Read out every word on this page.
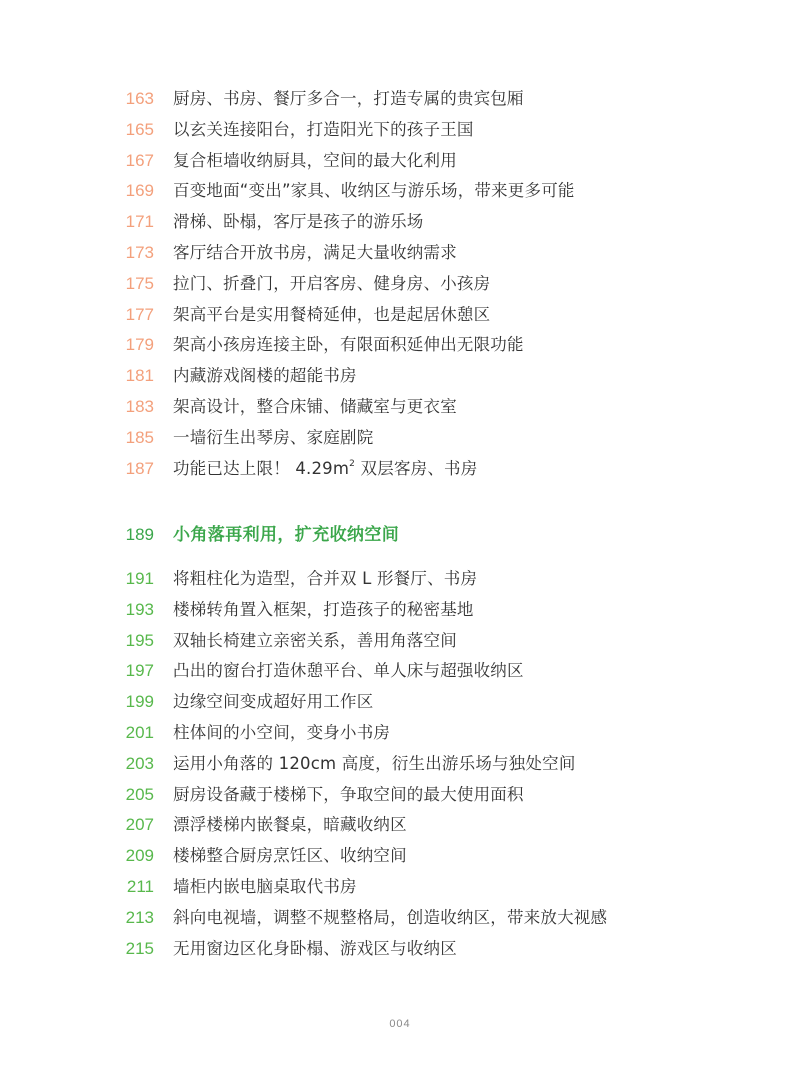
163 厨房、书房、餐厅多合一，打造专属的贵宾包厢
165 以玄关连接阳台，打造阳光下的孩子王国
167 复合柜墙收纳厨具，空间的最大化利用
169 百变地面“变出”家具、收纳区与游乐场，带来更多可能
171 滑梯、卧榻，客厅是孩子的游乐场
173 客厅结合开放书房，满足大量收纳需求
175 拉门、折叠门，开启客房、健身房、小孩房
177 架高平台是实用餐椅延伸，也是起居休憩区
179 架高小孩房连接主卧，有限面积延伸出无限功能
181 内藏游戏阁楼的超能书房
183 架高设计，整合床铺、储藏室与更衣室
185 一墙衍生出琴房、家庭剧院
187 功能已达上限！ $4.29m^2$ 双层客房、书房
189 小角落再利用，扩充收纳空间
191 将粗柱化为造型，合并双 L 形餐厅、书房
193 楼梯转角置入框架，打造孩子的秘密基地
195 双轴长椅建立亲密关系，善用角落空间
197 凸出的窗台打造休憩平台、单人床与超强收纳区
199 边缘空间变成超好用工作区
201 柱体间的小空间，变身小书房
203 运用小角落的 120cm 高度，衍生出游乐场与独处空间
205 厨房设备藏于楼梯下，争取空间的最大使用面积
207 漂浮楼梯内嵌餐桌，暗藏收纳区
209 楼梯整合厨房烹饪区、收纳空间
211 墙柜内嵌电脑桌取代书房
213 斜向电视墙，调整不规整格局，创造收纳区，带来放大视感
215 无用窗边区化身卧榻、游戏区与收纳区
004
